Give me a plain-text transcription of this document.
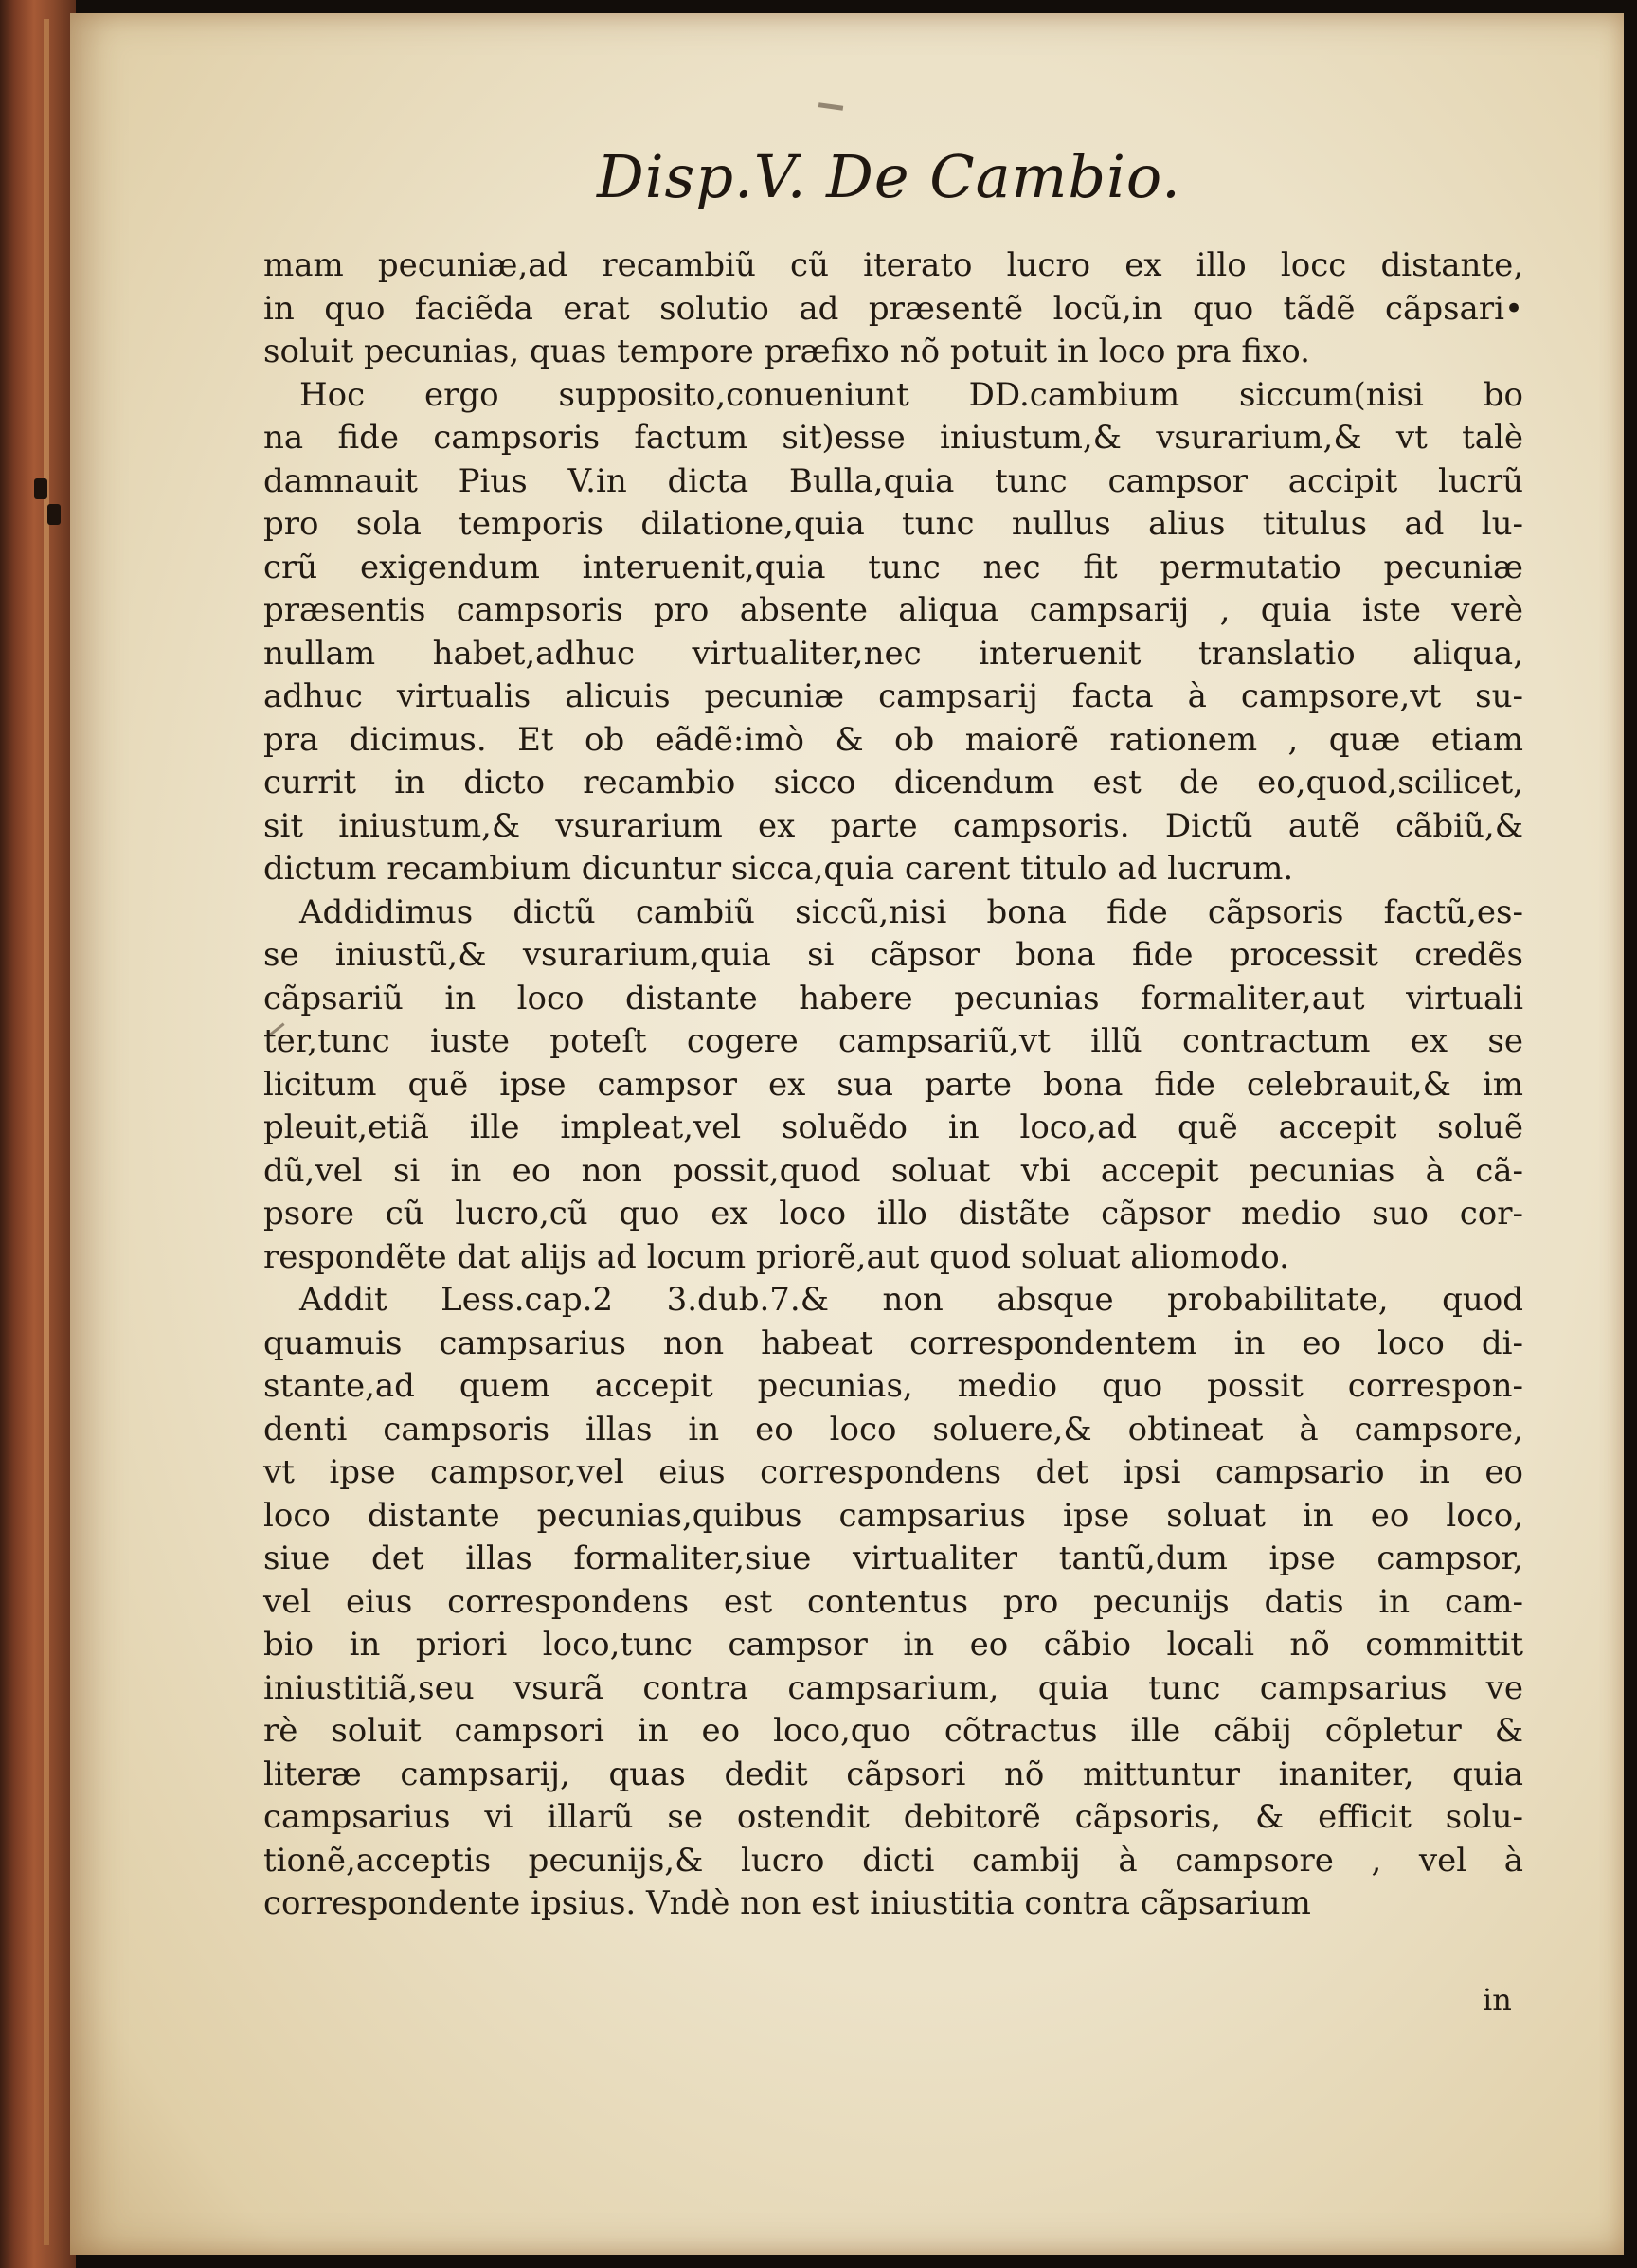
Disp.V. De Cambio.
mam pecuniæ,ad recambiũ cũ iterato lucro ex illo locc distante,
in quo faciẽda erat solutio ad præsentẽ locũ,in quo tãdẽ cãpsari•
soluit pecunias, quas tempore præfixo nõ potuit in loco pra fixo.
Hoc ergo supposito,conueniunt DD.cambium siccum(nisi bo
na fide campsoris factum sit)esse iniustum,& vsurarium,& vt talè
damnauit Pius V.in dicta Bulla,quia tunc campsor accipit lucrũ
pro sola temporis dilatione,quia tunc nullus alius titulus ad lu-
crũ exigendum interuenit,quia tunc nec fit permutatio pecuniæ
præsentis campsoris pro absente aliqua campsarij , quia iste verè
nullam habet,adhuc virtualiter,nec interuenit translatio aliqua,
adhuc virtualis alicuis pecuniæ campsarij facta à campsore,vt su-
pra dicimus. Et ob eãdẽ:imò & ob maiorẽ rationem , quæ etiam
currit in dicto recambio sicco dicendum est de eo,quod,scilicet,
sit iniustum,& vsurarium ex parte campsoris. Dictũ autẽ cãbiũ,&
dictum recambium dicuntur sicca,quia carent titulo ad lucrum.
Addidimus dictũ cambiũ siccũ,nisi bona fide cãpsoris factũ,es-
se iniustũ,& vsurarium,quia si cãpsor bona fide processit credẽs
cãpsariũ in loco distante habere pecunias formaliter,aut virtuali
ter,tunc iuste poteſt cogere campsariũ,vt illũ contractum ex se
licitum quẽ ipse campsor ex sua parte bona fide celebrauit,& im
pleuit,etiã ille impleat,vel soluẽdo in loco,ad quẽ accepit soluẽ
dũ,vel si in eo non possit,quod soluat vbi accepit pecunias à cã-
psore cũ lucro,cũ quo ex loco illo distãte cãpsor medio suo cor-
respondẽte dat alijs ad locum priorẽ,aut quod soluat aliomodo.
Addit Less.cap.2 3.dub.7.& non absque probabilitate, quod
quamuis campsarius non habeat correspondentem in eo loco di-
stante,ad quem accepit pecunias, medio quo possit correspon-
denti campsoris illas in eo loco soluere,& obtineat à campsore,
vt ipse campsor,vel eius correspondens det ipsi campsario in eo
loco distante pecunias,quibus campsarius ipse soluat in eo loco,
siue det illas formaliter,siue virtualiter tantũ,dum ipse campsor,
vel eius correspondens est contentus pro pecunijs datis in cam-
bio in priori loco,tunc campsor in eo cãbio locali nõ committit
iniustitiã,seu vsurã contra campsarium, quia tunc campsarius ve
rè soluit campsori in eo loco,quo cõtractus ille cãbij cõpletur &
literæ campsarij, quas dedit cãpsori nõ mittuntur inaniter, quia
campsarius vi illarũ se ostendit debitorẽ cãpsoris, & efficit solu-
tionẽ,acceptis pecunijs,& lucro dicti cambij à campsore , vel à
correspondente ipsius. Vndè non est iniustitia contra cãpsarium
in
